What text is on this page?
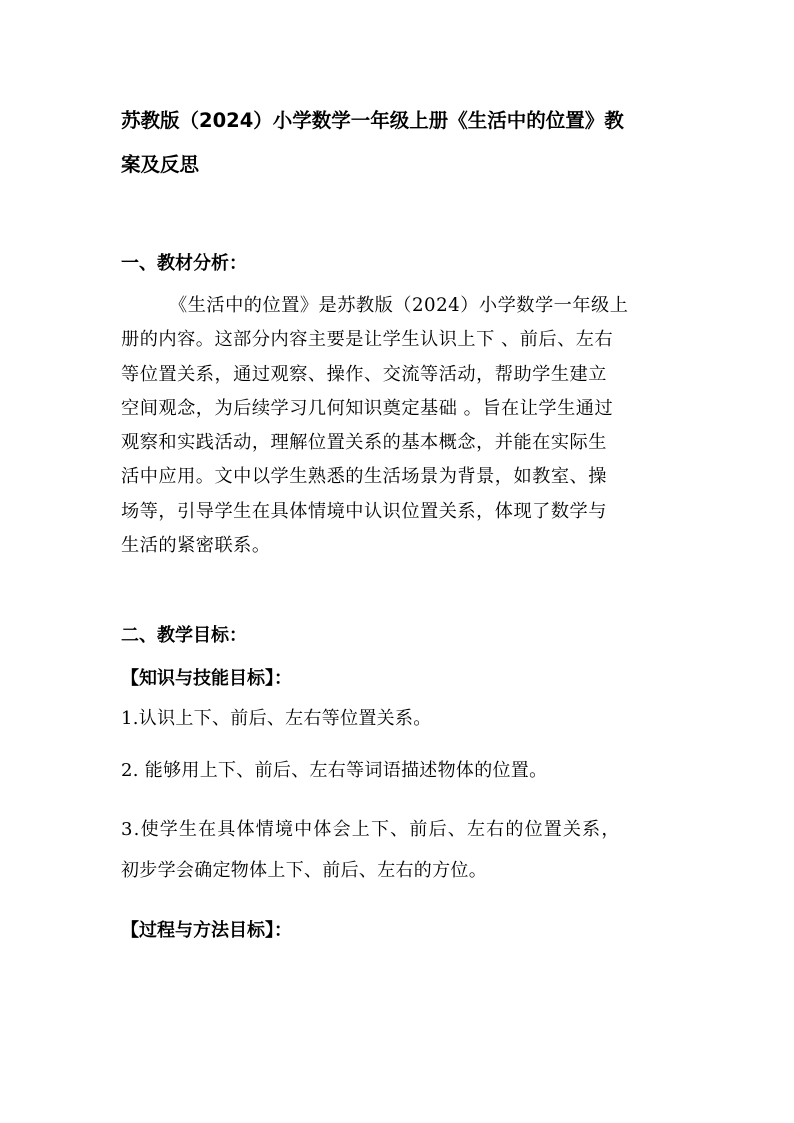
苏教版（2024）小学数学一年级上册《生活中的位置》教
案及反思
一、教材分析：
《生活中的位置》是苏教版（2024）小学数学一年级上
册的内容。这部分内容主要是让学生认识上下 、前后、左右
等位置关系，通过观察、操作、交流等活动，帮助学生建立
空间观念，为后续学习几何知识奠定基础 。旨在让学生通过
观察和实践活动，理解位置关系的基本概念，并能在实际生
活中应用。文中以学生熟悉的生活场景为背景，如教室、操
场等，引导学生在具体情境中认识位置关系，体现了数学与
生活的紧密联系。
二、教学目标：
【知识与技能目标】：
1.认识上下、前后、左右等位置关系。
2. 能够用上下、前后、左右等词语描述物体的位置。
3.使学生在具体情境中体会上下、前后、左右的位置关系，
初步学会确定物体上下、前后、左右的方位。
【过程与方法目标】：
